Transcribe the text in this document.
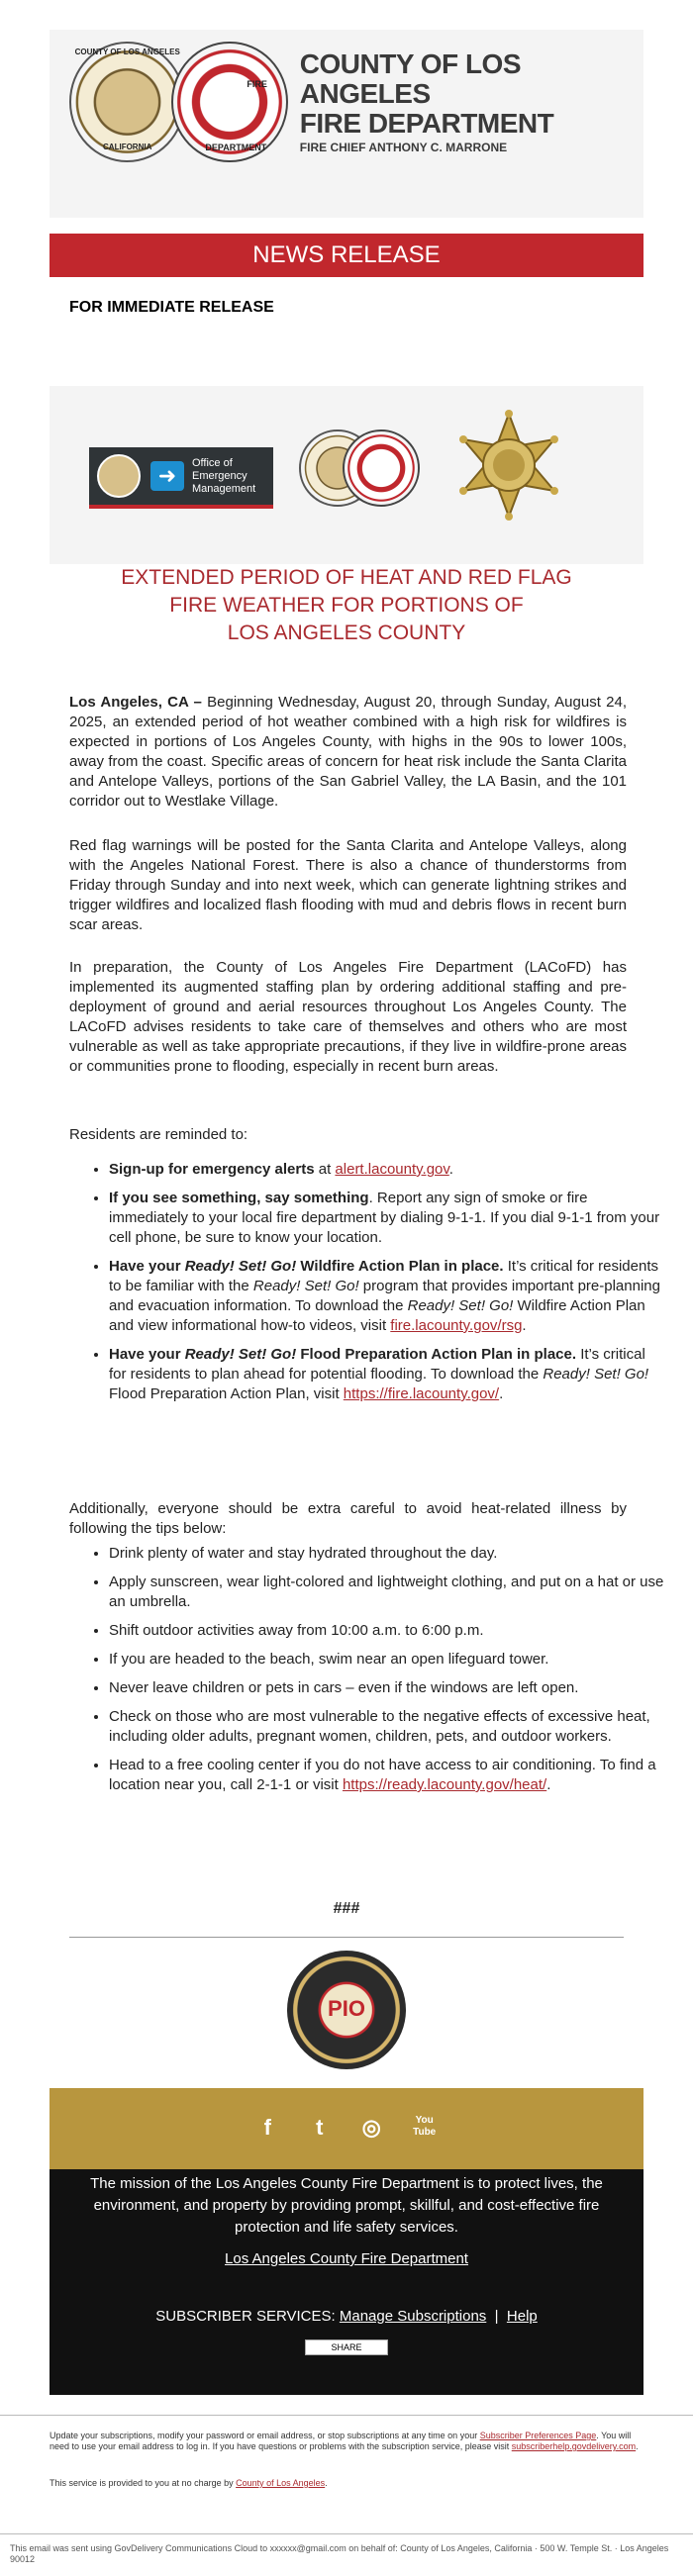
COUNTY OF LOS ANGELES
CALIFORNIA
FIRE
DEPARTMENT
COUNTY OF LOS ANGELES
FIRE DEPARTMENT
FIRE CHIEF ANTHONY C. MARRONE
NEWS RELEASE
FOR IMMEDIATE RELEASE
➜
Office of
Emergency
Management
EXTENDED PERIOD OF HEAT AND RED FLAG
FIRE WEATHER FOR PORTIONS OF
LOS ANGELES COUNTY

Los Angeles, CA – Beginning Wednesday, August 20, through Sunday, August 24, 2025, an extended period of hot weather combined with a high risk for wildfires is expected in portions of Los Angeles County, with highs in the 90s to lower 100s, away from the coast. Specific areas of concern for heat risk include the Santa Clarita and Antelope Valleys, portions of the San Gabriel Valley, the LA Basin, and the 101 corridor out to Westlake Village.

Red flag warnings will be posted for the Santa Clarita and Antelope Valleys, along with the Angeles National Forest. There is also a chance of thunderstorms from Friday through Sunday and into next week, which can generate lightning strikes and trigger wildfires and localized flash flooding with mud and debris flows in recent burn scar areas.

In preparation, the County of Los Angeles Fire Department (LACoFD) has implemented its augmented staffing plan by ordering additional staffing and pre-deployment of ground and aerial resources throughout Los Angeles County. The LACoFD advises residents to take care of themselves and others who are most vulnerable as well as take appropriate precautions, if they live in wildfire-prone areas or communities prone to flooding, especially in recent burn areas.

Residents are reminded to:

• Sign-up for emergency alerts at alert.lacounty.gov.
• If you see something, say something. Report any sign of smoke or fire immediately to your local fire department by dialing 9-1-1. If you dial 9-1-1 from your cell phone, be sure to know your location.
• Have your Ready! Set! Go! Wildfire Action Plan in place. It’s critical for residents to be familiar with the Ready! Set! Go! program that provides important pre-planning and evacuation information. To download the Ready! Set! Go! Wildfire Action Plan and view informational how-to videos, visit fire.lacounty.gov/rsg.
• Have your Ready! Set! Go! Flood Preparation Action Plan in place. It’s critical for residents to plan ahead for potential flooding. To download the Ready! Set! Go! Flood Preparation Action Plan, visit https://fire.lacounty.gov/.

Additionally, everyone should be extra careful to avoid heat-related illness by following the tips below:

• Drink plenty of water and stay hydrated throughout the day.
• Apply sunscreen, wear light-colored and lightweight clothing, and put on a hat or use an umbrella.
• Shift outdoor activities away from 10:00 a.m. to 6:00 p.m.
• If you are headed to the beach, swim near an open lifeguard tower.
• Never leave children or pets in cars – even if the windows are left open.
• Check on those who are most vulnerable to the negative effects of excessive heat, including older adults, pregnant women, children, pets, and outdoor workers.
• Head to a free cooling center if you do not have access to air conditioning. To find a location near you, call 2-1-1 or visit https://ready.lacounty.gov/heat/.
###
PIO
f t ◎	You Tube
The mission of the Los Angeles County Fire Department is to protect lives, the environment, and property by providing prompt, skillful, and cost-effective fire protection and life safety services.
Los Angeles County Fire Department
SUBSCRIBER SERVICES: Manage Subscriptions | Help
SHARE
Update your subscriptions, modify your password or email address, or stop subscriptions at any time on your Subscriber Preferences Page. You will need to use your email address to log in. If you have questions or problems with the subscription service, please visit subscriberhelp.govdelivery.com.
This service is provided to you at no charge by County of Los Angeles.
This email was sent using GovDelivery Communications Cloud to xxxxxx@gmail.com on behalf of: County of Los Angeles, California · 500 W. Temple St. · Los Angeles 90012
